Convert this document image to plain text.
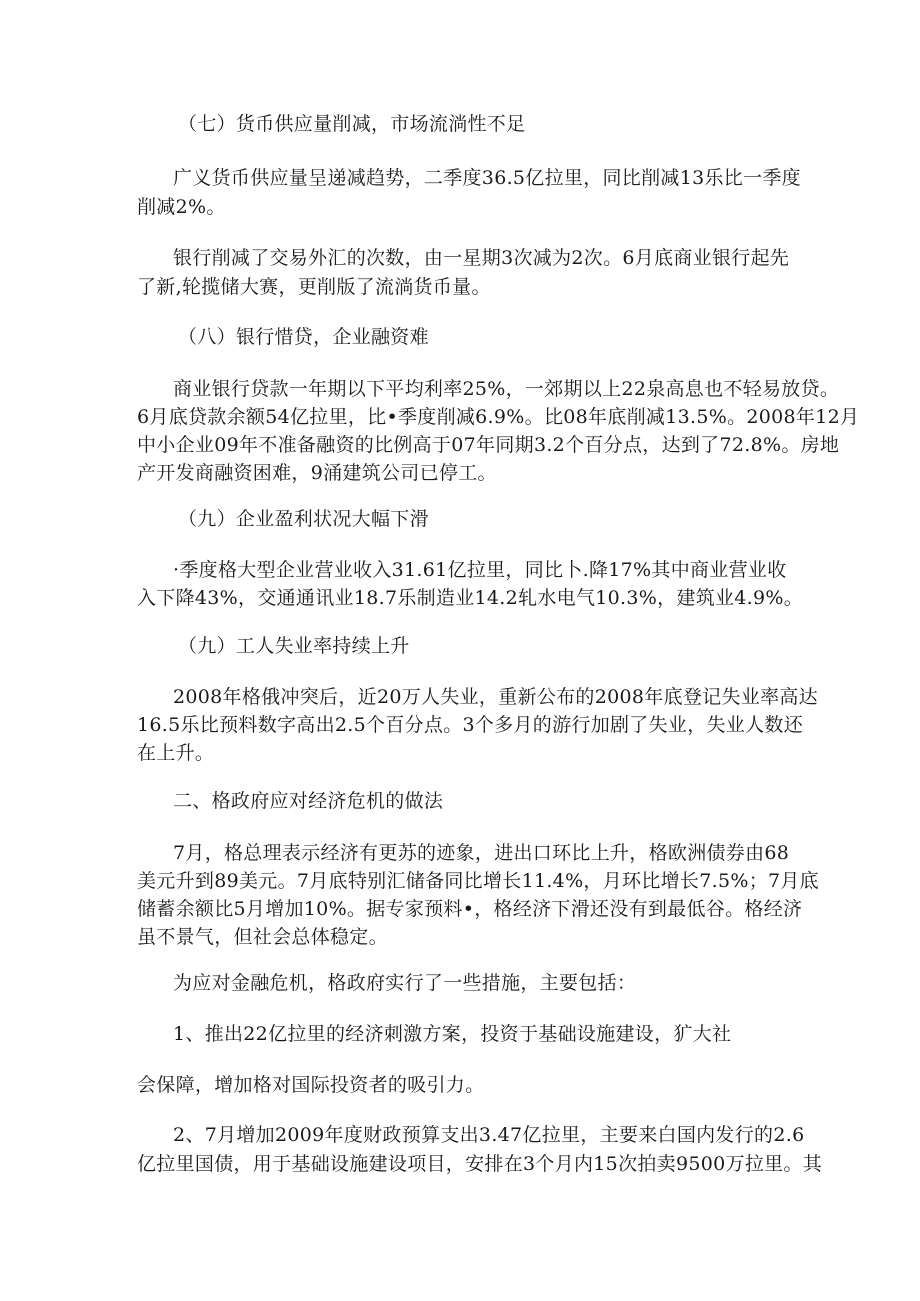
（七）货币供应量削减，市场流淌性不足
广义货币供应量呈递减趋势，二季度36.5亿拉里，同比削减13乐比一季度
削减2%。
银行削减了交易外汇的次数，由一星期3次减为2次。6月底商业银行起先
了新,轮揽储大赛，更削版了流淌货币量。
（八）银行惜贷，企业融资难
商业银行贷款一年期以下平均利率25%，一郊期以上22泉高息也不轻易放贷。
6月底贷款余额54亿拉里，比•季度削减6.9%。比08年底削减13.5%。2008年12月
中小企业09年不准备融资的比例高于07年同期3.2个百分点，达到了72.8%。房地
产开发商融资困难，9涌建筑公司已停工。
（九）企业盈利状况大幅下滑
·季度格大型企业营业收入31.61亿拉里，同比卜.降17%其中商业营业收
入下降43%，交通通讯业18.7乐制造业14.2轧水电气10.3%，建筑业4.9%。
（九）工人失业率持续上升
2008年格俄冲突后，近20万人失业，重新公布的2008年底登记失业率高达
16.5乐比预料数字高出2.5个百分点。3个多月的游行加剧了失业，失业人数还
在上升。
二、格政府应对经济危机的做法
7月，格总理表示经济有更苏的迹象，进出口环比上升，格欧洲债券由68
美元升到89美元。7月底特别汇储备同比增长11.4%，月环比增长7.5%；7月底
储蓄余额比5月增加10%。据专家预料•，格经济下滑还没有到最低谷。格经济
虽不景气，但社会总体稳定。
为应对金融危机，格政府实行了一些措施，主要包括：
1、推出22亿拉里的经济刺激方案，投资于基础设施建设，犷大社
会保障，增加格对国际投资者的吸引力。
2、7月增加2009年度财政预算支出3.47亿拉里，主要来白国内发行的2.6
亿拉里国债，用于基础设施建设项目，安排在3个月内15次拍卖9500万拉里。其
